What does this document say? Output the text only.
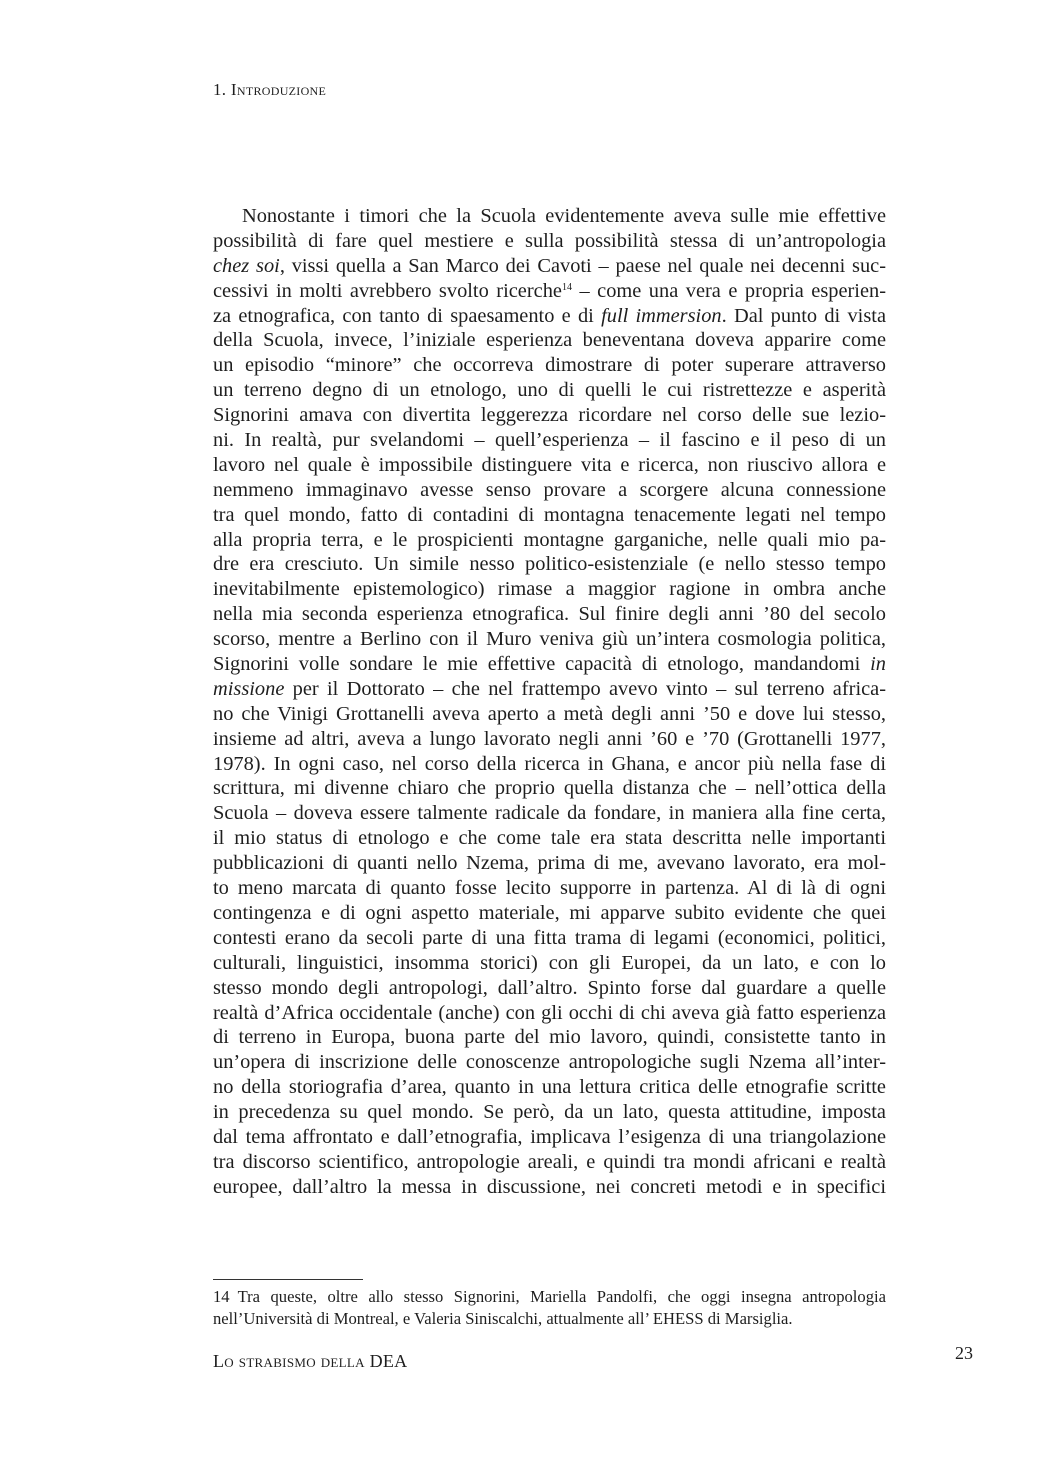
1. Introduzione
Nonostante i timori che la Scuola evidentemente aveva sulle mie effettive
possibilità di fare quel mestiere e sulla possibilità stessa di un’antropologia
chez soi, vissi quella a San Marco dei Cavoti – paese nel quale nei decenni suc-
cessivi in molti avrebbero svolto ricerche$^{14}$ – come una vera e propria esperien-
za etnografica, con tanto di spaesamento e di full immersion. Dal punto di vista
della Scuola, invece, l’iniziale esperienza beneventana doveva apparire come
un episodio “minore” che occorreva dimostrare di poter superare attraverso
un terreno degno di un etnologo, uno di quelli le cui ristrettezze e asperità
Signorini amava con divertita leggerezza ricordare nel corso delle sue lezio-
ni. In realtà, pur svelandomi – quell’esperienza – il fascino e il peso di un
lavoro nel quale è impossibile distinguere vita e ricerca, non riuscivo allora e
nemmeno immaginavo avesse senso provare a scorgere alcuna connessione
tra quel mondo, fatto di contadini di montagna tenacemente legati nel tempo
alla propria terra, e le prospicienti montagne garganiche, nelle quali mio pa-
dre era cresciuto. Un simile nesso politico-esistenziale (e nello stesso tempo
inevitabilmente epistemologico) rimase a maggior ragione in ombra anche
nella mia seconda esperienza etnografica. Sul finire degli anni ’80 del secolo
scorso, mentre a Berlino con il Muro veniva giù un’intera cosmologia politica,
Signorini volle sondare le mie effettive capacità di etnologo, mandandomi in
missione per il Dottorato – che nel frattempo avevo vinto – sul terreno africa-
no che Vinigi Grottanelli aveva aperto a metà degli anni ’50 e dove lui stesso,
insieme ad altri, aveva a lungo lavorato negli anni ’60 e ’70 (Grottanelli 1977,
1978). In ogni caso, nel corso della ricerca in Ghana, e ancor più nella fase di
scrittura, mi divenne chiaro che proprio quella distanza che – nell’ottica della
Scuola – doveva essere talmente radicale da fondare, in maniera alla fine certa,
il mio status di etnologo e che come tale era stata descritta nelle importanti
pubblicazioni di quanti nello Nzema, prima di me, avevano lavorato, era mol-
to meno marcata di quanto fosse lecito supporre in partenza. Al di là di ogni
contingenza e di ogni aspetto materiale, mi apparve subito evidente che quei
contesti erano da secoli parte di una fitta trama di legami (economici, politici,
culturali, linguistici, insomma storici) con gli Europei, da un lato, e con lo
stesso mondo degli antropologi, dall’altro. Spinto forse dal guardare a quelle
realtà d’Africa occidentale (anche) con gli occhi di chi aveva già fatto esperienza
di terreno in Europa, buona parte del mio lavoro, quindi, consistette tanto in
un’opera di inscrizione delle conoscenze antropologiche sugli Nzema all’inter-
no della storiografia d’area, quanto in una lettura critica delle etnografie scritte
in precedenza su quel mondo. Se però, da un lato, questa attitudine, imposta
dal tema affrontato e dall’etnografia, implicava l’esigenza di una triangolazione
tra discorso scientifico, antropologie areali, e quindi tra mondi africani e realtà
europee, dall’altro la messa in discussione, nei concreti metodi e in specifici
14 Tra queste, oltre allo stesso Signorini, Mariella Pandolfi, che oggi insegna antropologia
nell’Università di Montreal, e Valeria Siniscalchi, attualmente all’ EHESS di Marsiglia.
Lo strabismo della DEA	23
